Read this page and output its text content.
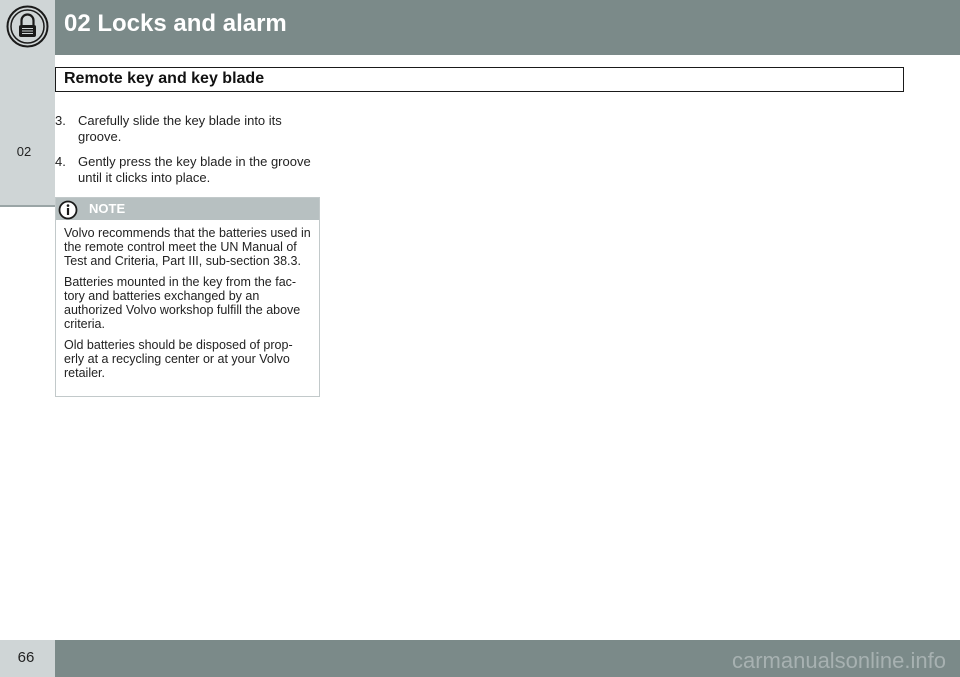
02 Locks and alarm
02
Remote key and key blade
3. Carefully slide the key blade into its groove.
4. Gently press the key blade in the groove until it clicks into place.
NOTE

Volvo recommends that the batteries used in the remote control meet the UN Manual of Test and Criteria, Part III, sub-section 38.3.

Batteries mounted in the key from the fac- tory and batteries exchanged by an authorized Volvo workshop fulfill the above criteria.

Old batteries should be disposed of prop- erly at a recycling center or at your Volvo retailer.

66	carmanualsonline.info
